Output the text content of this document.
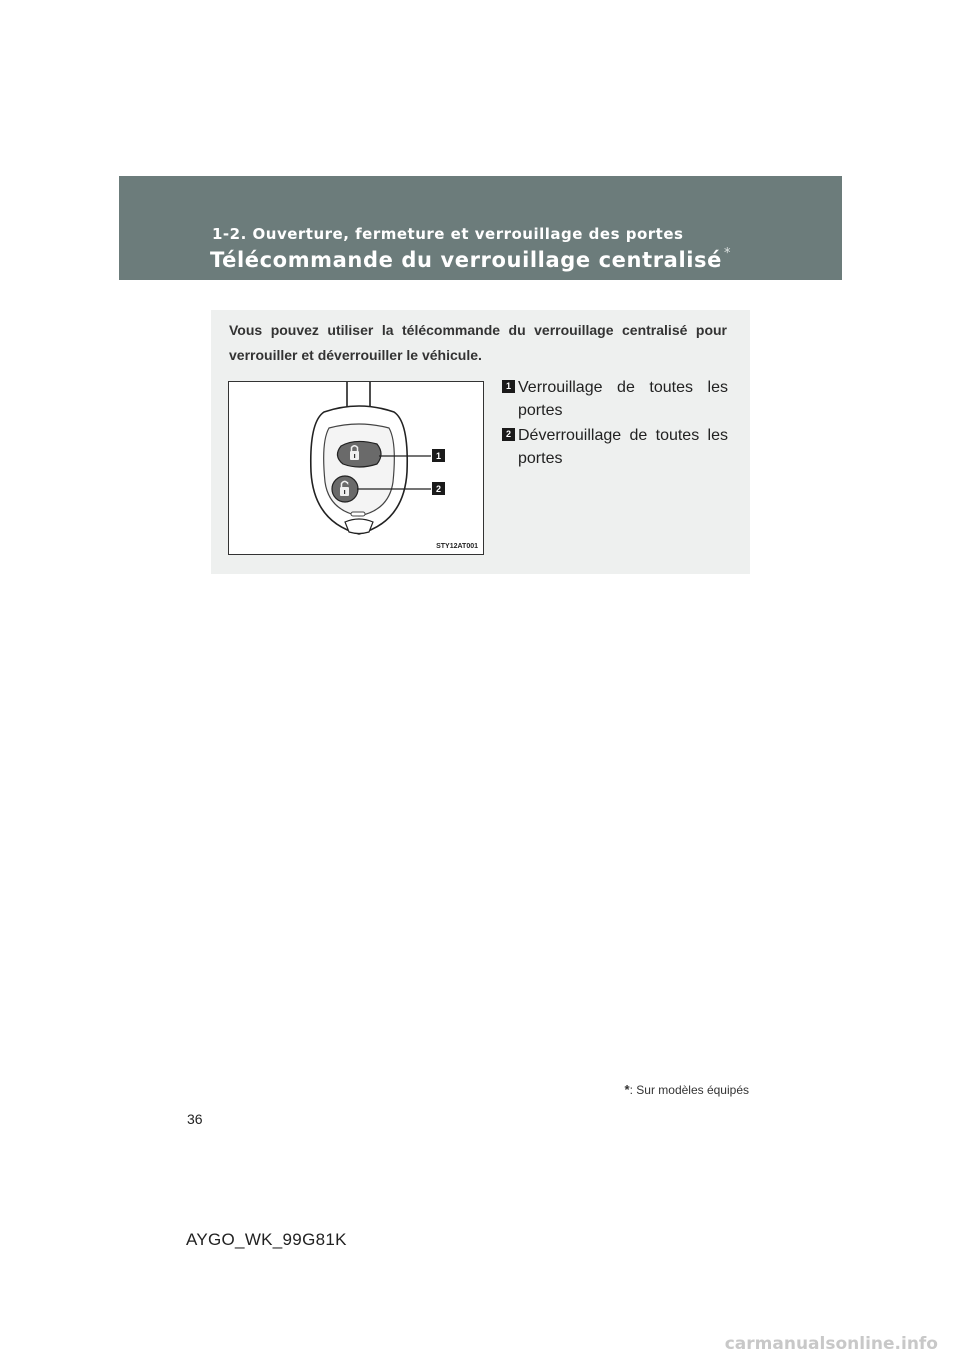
1-2. Ouverture, fermeture et verrouillage des portes
Télécommande du verrouillage centralisé *
Vous pouvez utiliser la télécommande du verrouillage centralisé pour verrouiller et déverrouiller le véhicule.
1
2
STY12AT001
1 Verrouillage de toutes les portes
2 Déverrouillage de toutes les portes
*: Sur modèles équipés
36
AYGO_WK_99G81K
carmanualsonline.info
